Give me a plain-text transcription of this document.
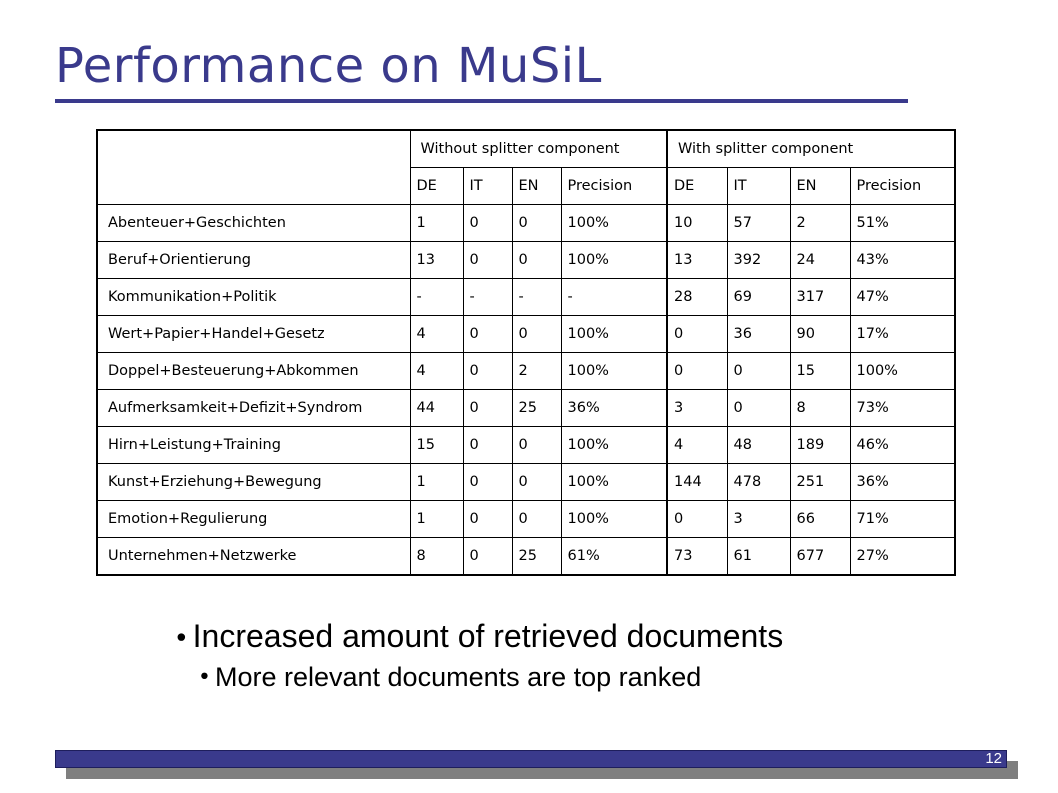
Performance on MuSiL
	Without splitter component				With splitter component			
	DE	IT	EN	Precision	DE	IT	EN	Precision
Abenteuer+Geschichten	1	0	0	100%	10	57	2	51%
Beruf+Orientierung	13	0	0	100%	13	392	24	43%
Kommunikation+Politik	-	-	-	-	28	69	317	47%
Wert+Papier+Handel+Gesetz	4	0	0	100%	0	36	90	17%
Doppel+Besteuerung+Abkommen	4	0	2	100%	0	0	15	100%
Aufmerksamkeit+Defizit+Syndrom	44	0	25	36%	3	0	8	73%
Hirn+Leistung+Training	15	0	0	100%	4	48	189	46%
Kunst+Erziehung+Bewegung	1	0	0	100%	144	478	251	36%
Emotion+Regulierung	1	0	0	100%	0	3	66	71%
Unternehmen+Netzwerke	8	0	25	61%	73	61	677	27%
● Increased amount of retrieved documents
● More relevant documents are top ranked
12
